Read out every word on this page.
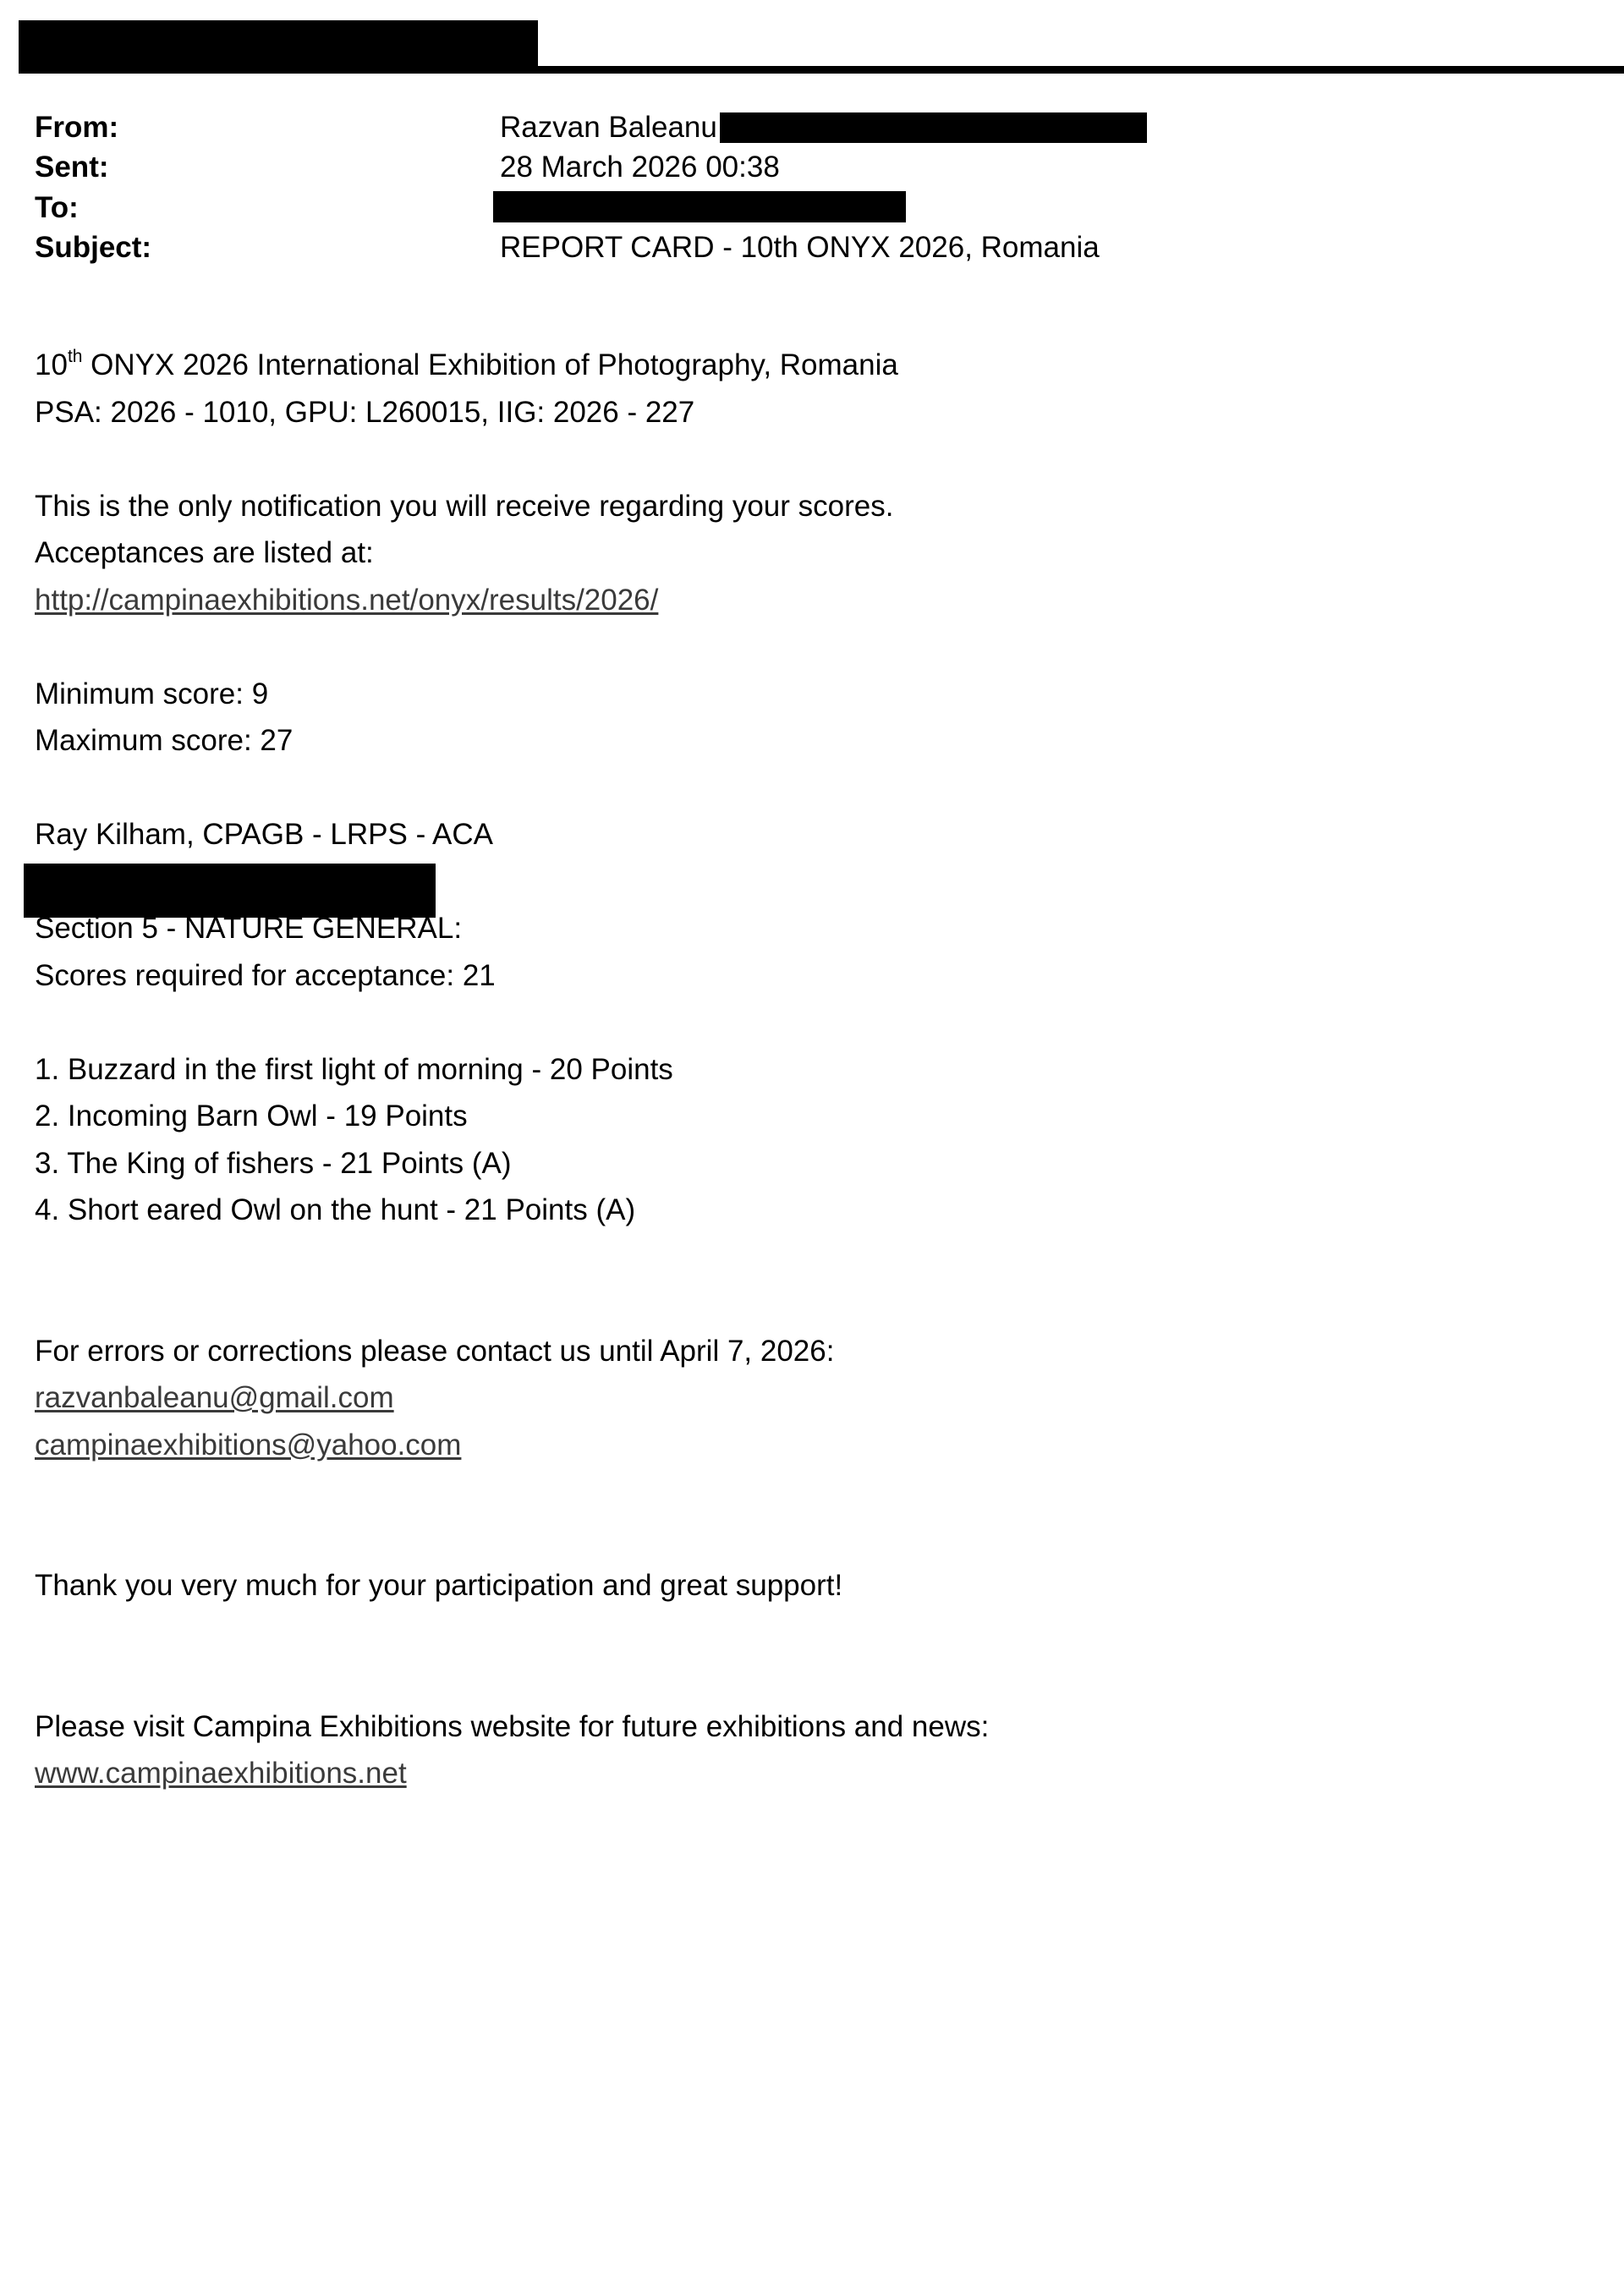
From:	Razvan Baleanu
Sent:	28 March 2026 00:38
To:
Subject:	REPORT CARD - 10th ONYX 2026, Romania
10th ONYX 2026 International Exhibition of Photography, Romania
PSA: 2026 - 1010, GPU: L260015, IIG: 2026 - 227
This is the only notification you will receive regarding your scores.
Acceptances are listed at:
http://campinaexhibitions.net/onyx/results/2026/
Minimum score: 9
Maximum score: 27
Ray Kilham, CPAGB - LRPS - ACA
Section 5 - NATURE GENERAL:
Scores required for acceptance: 21
1. Buzzard in the first light of morning - 20 Points
2. Incoming Barn Owl - 19 Points
3. The King of fishers - 21 Points (A)
4. Short eared Owl on the hunt - 21 Points (A)
For errors or corrections please contact us until April 7, 2026:
razvanbaleanu@gmail.com
campinaexhibitions@yahoo.com
Thank you very much for your participation and great support!
Please visit Campina Exhibitions website for future exhibitions and news:
www.campinaexhibitions.net
